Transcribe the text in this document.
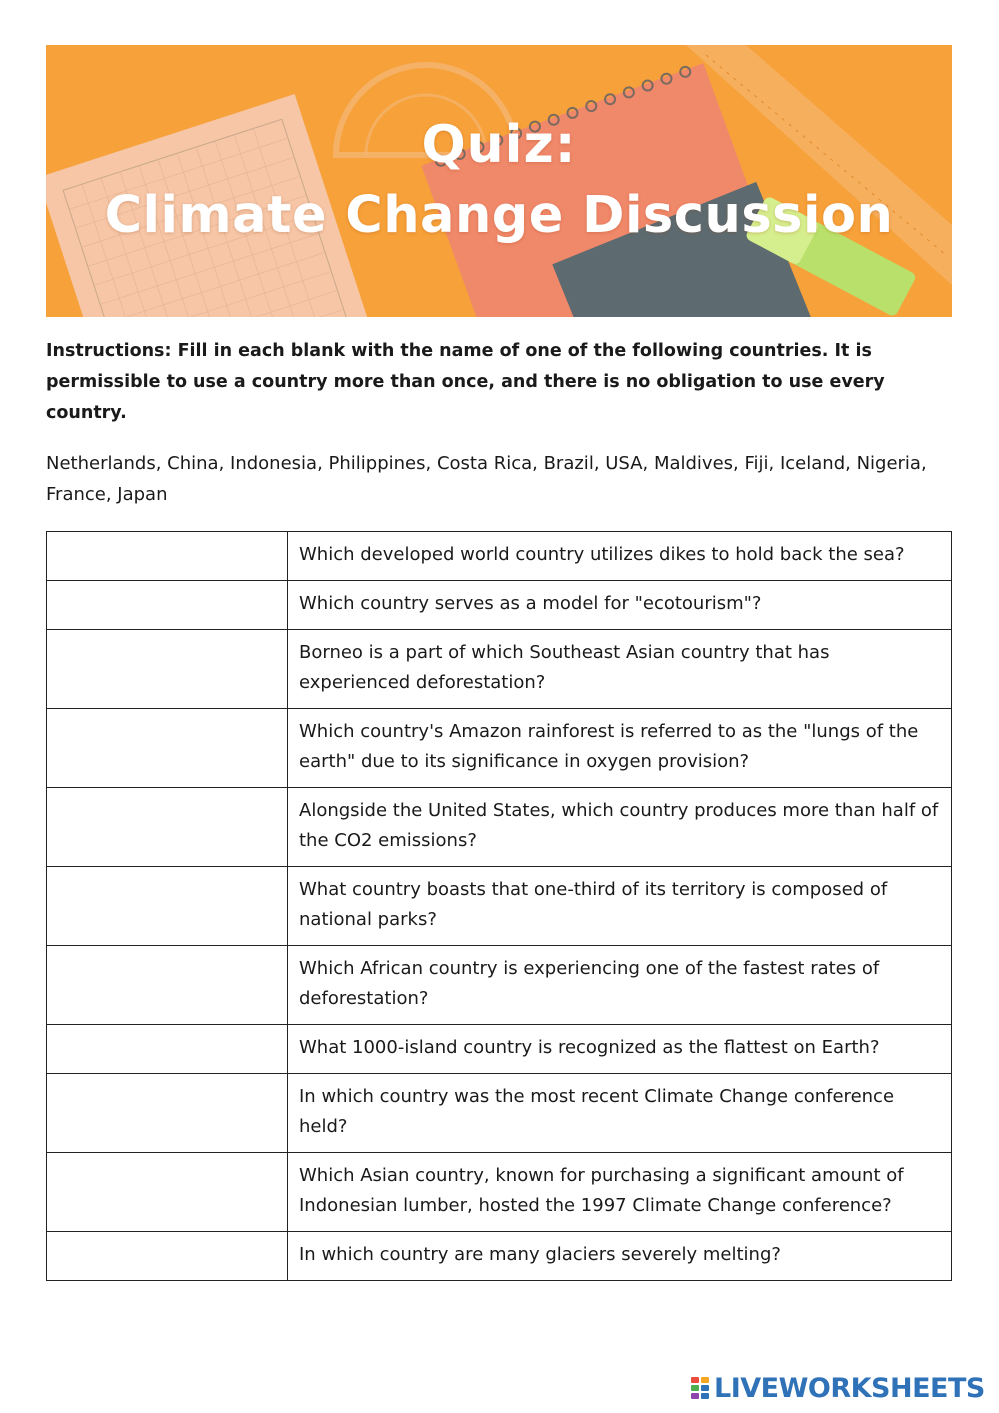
Quiz:
Climate Change Discussion

Instructions: Fill in each blank with the name of one of the following countries. It is permissible to use a country more than once, and there is no obligation to use every country.

Netherlands, China, Indonesia, Philippines, Costa Rica, Brazil, USA, Maldives, Fiji, Iceland, Nigeria, France, Japan

	Which developed world country utilizes dikes to hold back the sea?

	Which country serves as a model for "ecotourism"?

	Borneo is a part of which Southeast Asian country that has experienced deforestation?

	Which country's Amazon rainforest is referred to as the "lungs of the earth" due to its significance in oxygen provision?

	Alongside the United States, which country produces more than half of the CO2 emissions?

	What country boasts that one-third of its territory is composed of national parks?

	Which African country is experiencing one of the fastest rates of deforestation?

	What 1000-island country is recognized as the flattest on Earth?

	In which country was the most recent Climate Change conference held?

	Which Asian country, known for purchasing a significant amount of Indonesian lumber, hosted the 1997 Climate Change conference?

	In which country are many glaciers severely melting?
LIVEWORKSHEETS
